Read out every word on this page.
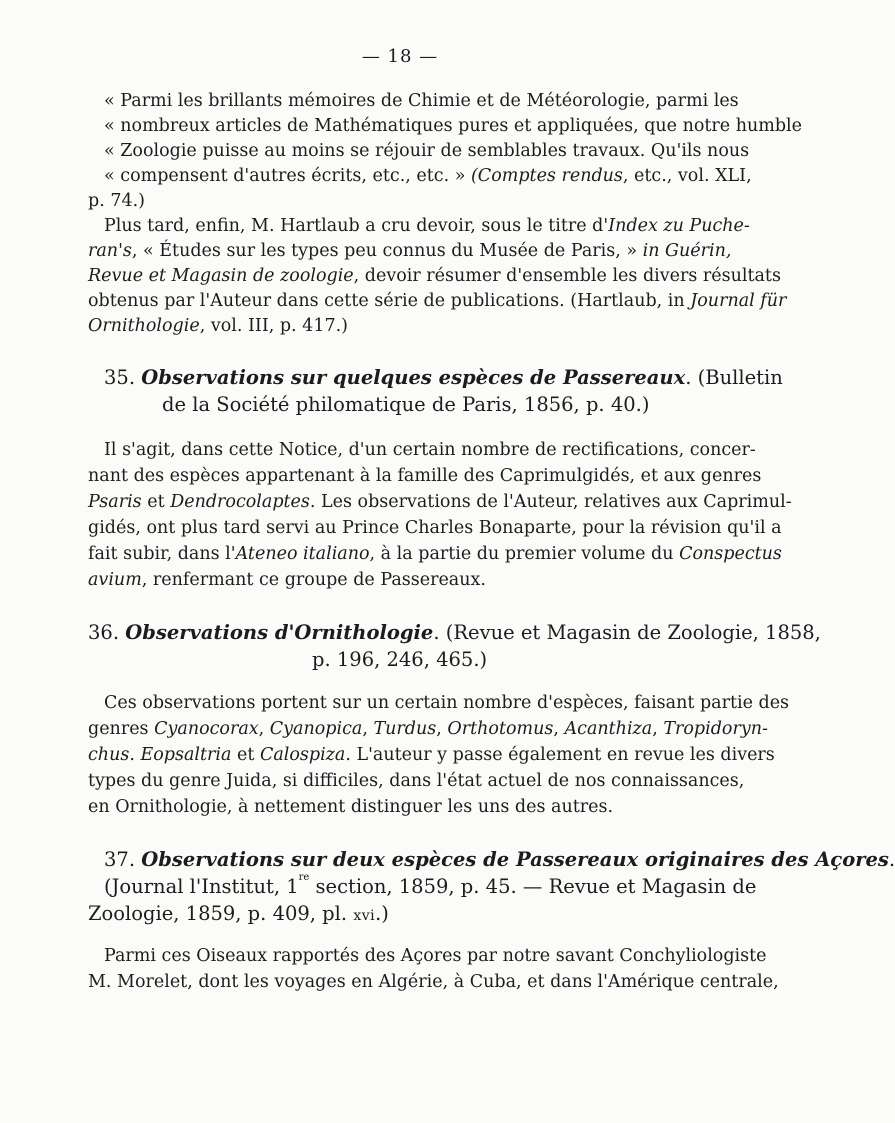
— 18 —
« Parmi les brillants mémoires de Chimie et de Météorologie, parmi les
« nombreux articles de Mathématiques pures et appliquées, que notre humble
« Zoologie puisse au moins se réjouir de semblables travaux. Qu'ils nous
« compensent d'autres écrits, etc., etc. » (Comptes rendus, etc., vol. XLI,
p. 74.)
Plus tard, enfin, M. Hartlaub a cru devoir, sous le titre d'Index zu Puche-
ran's, « Études sur les types peu connus du Musée de Paris, » in Guérin,
Revue et Magasin de zoologie, devoir résumer d'ensemble les divers résultats
obtenus par l'Auteur dans cette série de publications. (Hartlaub, in Journal für
Ornithologie, vol. III, p. 417.)
35. Observations sur quelques espèces de Passereaux. (Bulletin
de la Société philomatique de Paris, 1856, p. 40.)
Il s'agit, dans cette Notice, d'un certain nombre de rectifications, concer-
nant des espèces appartenant à la famille des Caprimulgidés, et aux genres
Psaris et Dendrocolaptes. Les observations de l'Auteur, relatives aux Caprimul-
gidés, ont plus tard servi au Prince Charles Bonaparte, pour la révision qu'il a
fait subir, dans l'Ateneo italiano, à la partie du premier volume du Conspectus
avium, renfermant ce groupe de Passereaux.
36. Observations d'Ornithologie. (Revue et Magasin de Zoologie, 1858,
p. 196, 246, 465.)
Ces observations portent sur un certain nombre d'espèces, faisant partie des
genres Cyanocorax, Cyanopica, Turdus, Orthotomus, Acanthiza, Tropidoryn-
chus. Eopsaltria et Calospiza. L'auteur y passe également en revue les divers
types du genre Juida, si difficiles, dans l'état actuel de nos connaissances,
en Ornithologie, à nettement distinguer les uns des autres.
37. Observations sur deux espèces de Passereaux originaires des Açores.
(Journal l'Institut, 1re section, 1859, p. 45. — Revue et Magasin de
Zoologie, 1859, p. 409, pl. xvi.)
Parmi ces Oiseaux rapportés des Açores par notre savant Conchyliologiste
M. Morelet, dont les voyages en Algérie, à Cuba, et dans l'Amérique centrale,
